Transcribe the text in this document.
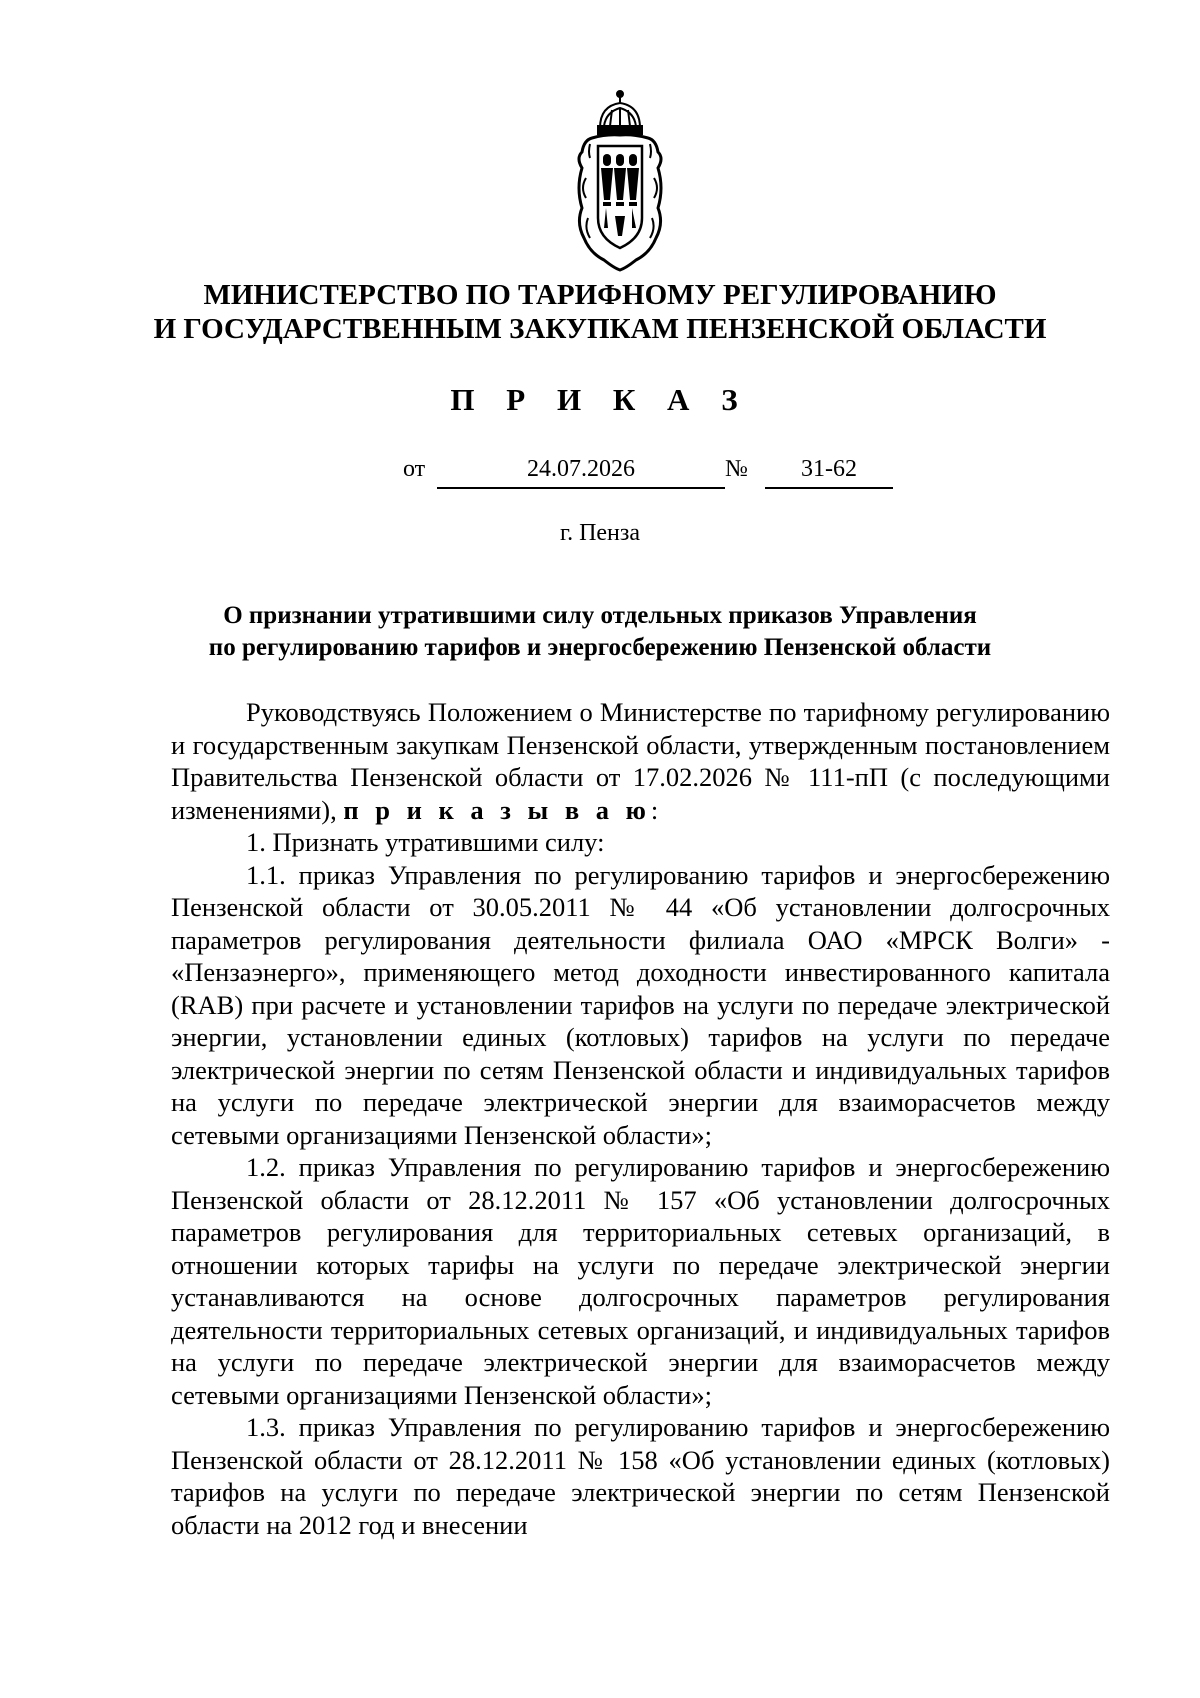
МИНИСТЕРСТВО ПО ТАРИФНОМУ РЕГУЛИРОВАНИЮ
И ГОСУДАРСТВЕННЫМ ЗАКУПКАМ ПЕНЗЕНСКОЙ ОБЛАСТИ
П Р И К А З
от	24.07.2026	№	31-62
г. Пенза
О признании утратившими силу отдельных приказов Управления
по регулированию тарифов и энергосбережению Пензенской области

Руководствуясь Положением о Министерстве по тарифному регулированию и государственным закупкам Пензенской области, утвержденным постановлением Правительства Пензенской области от 17.02.2026 № 111-пП (с последующими изменениями), п р и к а з ы в а ю:

1. Признать утратившими силу:

1.1. приказ Управления по регулированию тарифов и энергосбережению Пензенской области от 30.05.2011 № 44 «Об установлении долгосрочных параметров регулирования деятельности филиала ОАО «МРСК Волги» - «Пензаэнерго», применяющего метод доходности инвестированного капитала (RAB) при расчете и установлении тарифов на услуги по передаче электрической энергии, установлении единых (котловых) тарифов на услуги по передаче электрической энергии по сетям Пензенской области и индивидуальных тарифов на услуги по передаче электрической энергии для взаиморасчетов между сетевыми организациями Пензенской области»;

1.2. приказ Управления по регулированию тарифов и энергосбережению Пензенской области от 28.12.2011 № 157 «Об установлении долгосрочных параметров регулирования для территориальных сетевых организаций, в отношении которых тарифы на услуги по передаче электрической энергии устанавливаются на основе долгосрочных параметров регулирования деятельности территориальных сетевых организаций, и индивидуальных тарифов на услуги по передаче электрической энергии для взаиморасчетов между сетевыми организациями Пензенской области»;

1.3. приказ Управления по регулированию тарифов и энергосбережению Пензенской области от 28.12.2011 № 158 «Об установлении единых (котловых) тарифов на услуги по передаче электрической энергии по сетям Пензенской области на 2012 год и внесении
